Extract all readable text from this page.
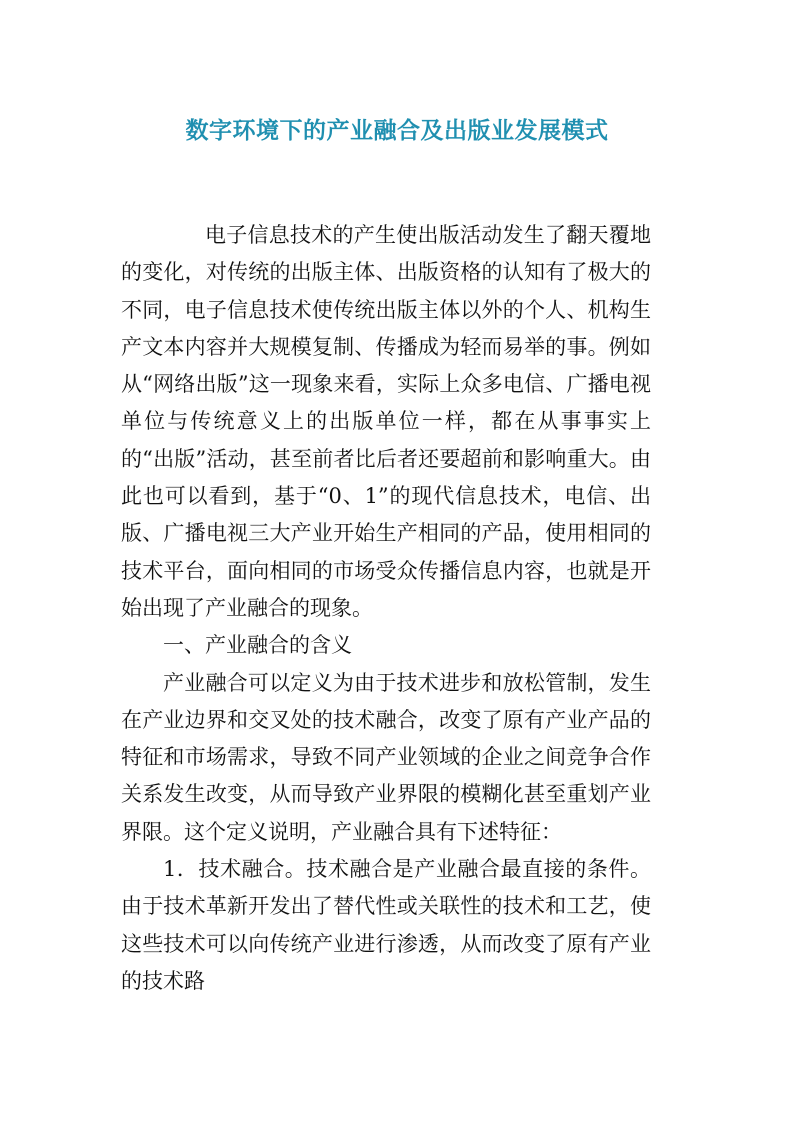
数字环境下的产业融合及出版业发展模式

电子信息技术的产生使出版活动发生了翻天覆地的变化，对传统的出版主体、出版资格的认知有了极大的不同，电子信息技术使传统出版主体以外的个人、机构生产文本内容并大规模复制、传播成为轻而易举的事。例如从“网络出版”这一现象来看，实际上众多电信、广播电视单位与传统意义上的出版单位一样，都在从事事实上的“出版”活动，甚至前者比后者还要超前和影响重大。由此也可以看到，基于“0、1”的现代信息技术，电信、出版、广播电视三大产业开始生产相同的产品，使用相同的技术平台，面向相同的市场受众传播信息内容，也就是开始出现了产业融合的现象。

一、产业融合的含义

产业融合可以定义为由于技术进步和放松管制，发生在产业边界和交叉处的技术融合，改变了原有产业产品的特征和市场需求，导致不同产业领域的企业之间竞争合作关系发生改变，从而导致产业界限的模糊化甚至重划产业界限。这个定义说明，产业融合具有下述特征：

1．技术融合。技术融合是产业融合最直接的条件。由于技术革新开发出了替代性或关联性的技术和工艺，使这些技术可以向传统产业进行渗透，从而改变了原有产业的技术路
